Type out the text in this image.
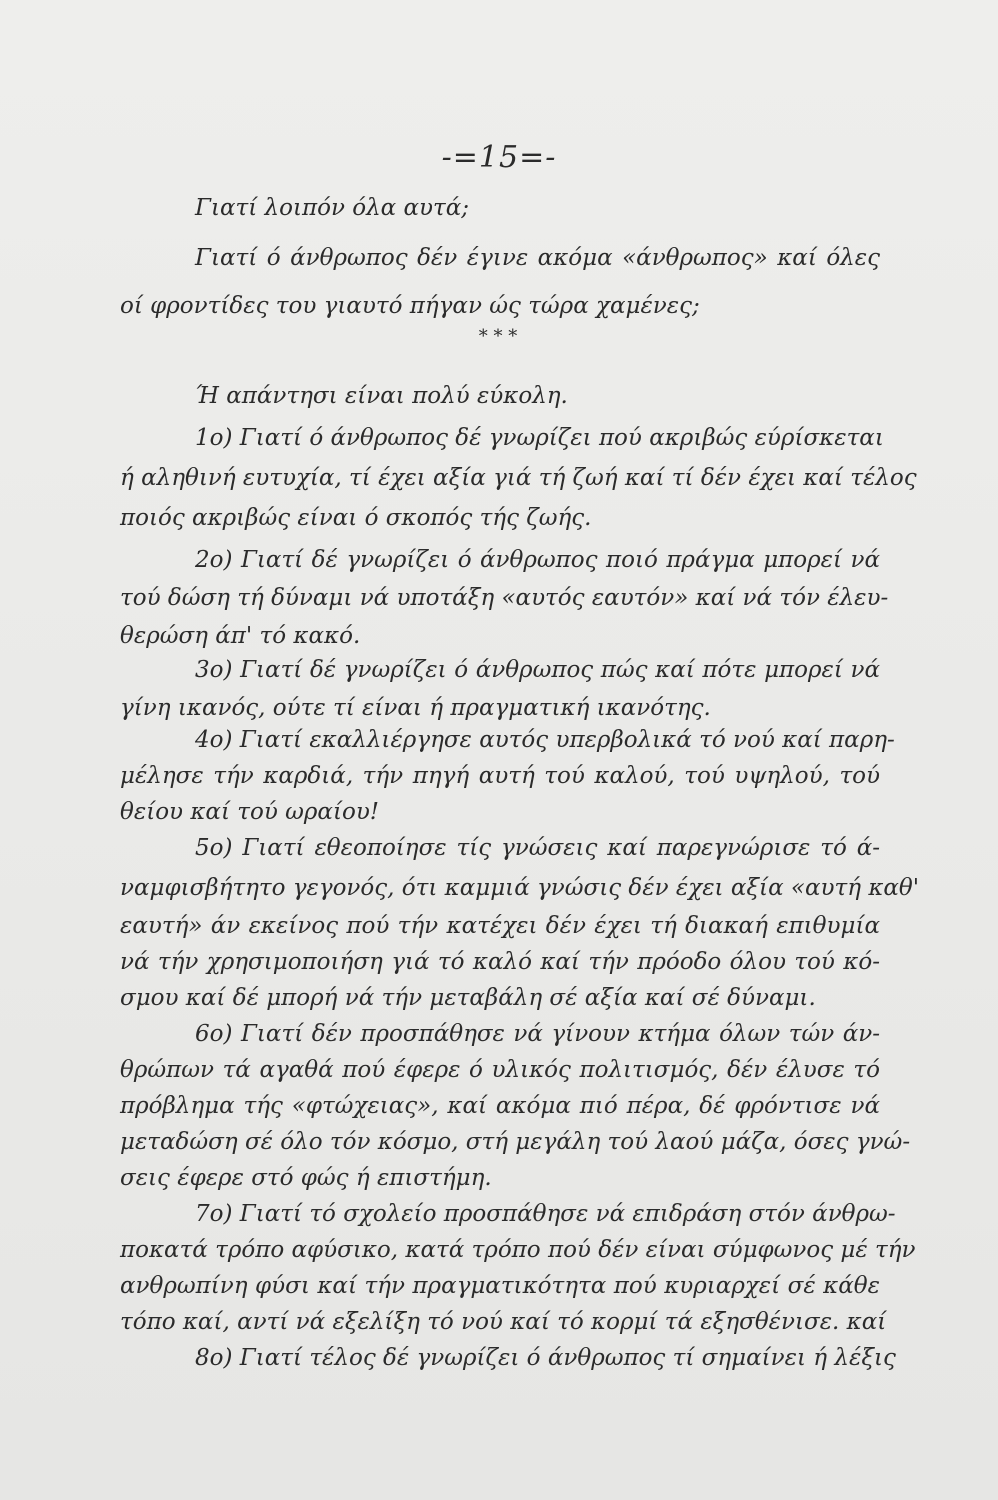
-=15=-
Γιατί λοιπόν όλα αυτά;
Γιατί ό άνθρωπος δέν έγινε ακόμα «άνθρωπος» καί όλες
οί φροντίδες του γιαυτό πήγαν ώς τώρα χαμένες;
* * *
Ή απάντησι είναι πολύ εύκολη.
1ο) Γιατί ό άνθρωπος δέ γνωρίζει πού ακριβώς εύρίσκεται
ή αληθινή ευτυχία, τί έχει αξία γιά τή ζωή καί τί δέν έχει καί τέλος
ποιός ακριβώς είναι ό σκοπός τής ζωής.
2ο) Γιατί δέ γνωρίζει ό άνθρωπος ποιό πράγμα μπορεί νά
τού δώση τή δύναμι νά υποτάξη «αυτός εαυτόν» καί νά τόν έλευ-
θερώση άπ' τό κακό.
3ο) Γιατί δέ γνωρίζει ό άνθρωπος πώς καί πότε μπορεί νά
γίνη ικανός, ούτε τί είναι ή πραγματική ικανότης.
4ο) Γιατί εκαλλιέργησε αυτός υπερβολικά τό νού καί παρη-
μέλησε τήν καρδιά, τήν πηγή αυτή τού καλού, τού υψηλού, τού
θείου καί τού ωραίου!
5ο) Γιατί εθεοποίησε τίς γνώσεις καί παρεγνώρισε τό ά-
ναμφισβήτητο γεγονός, ότι καμμιά γνώσις δέν έχει αξία «αυτή καθ'
εαυτή» άν εκείνος πού τήν κατέχει δέν έχει τή διακαή επιθυμία
νά τήν χρησιμοποιήση γιά τό καλό καί τήν πρόοδο όλου τού κό-
σμου καί δέ μπορή νά τήν μεταβάλη σέ αξία καί σέ δύναμι.
6ο) Γιατί δέν προσπάθησε νά γίνουν κτήμα όλων τών άν-
θρώπων τά αγαθά πού έφερε ό υλικός πολιτισμός, δέν έλυσε τό
πρόβλημα τής «φτώχειας», καί ακόμα πιό πέρα, δέ φρόντισε νά
μεταδώση σέ όλο τόν κόσμο, στή μεγάλη τού λαού μάζα, όσες γνώ-
σεις έφερε στό φώς ή επιστήμη.
7ο) Γιατί τό σχολείο προσπάθησε νά επιδράση στόν άνθρω-
ποκατά τρόπο αφύσικο, κατά τρόπο πού δέν είναι σύμφωνος μέ τήν
ανθρωπίνη φύσι καί τήν πραγματικότητα πού κυριαρχεί σέ κάθε
τόπο καί, αντί νά εξελίξη τό νού καί τό κορμί τά εξησθένισε. καί
8ο) Γιατί τέλος δέ γνωρίζει ό άνθρωπος τί σημαίνει ή λέξις
